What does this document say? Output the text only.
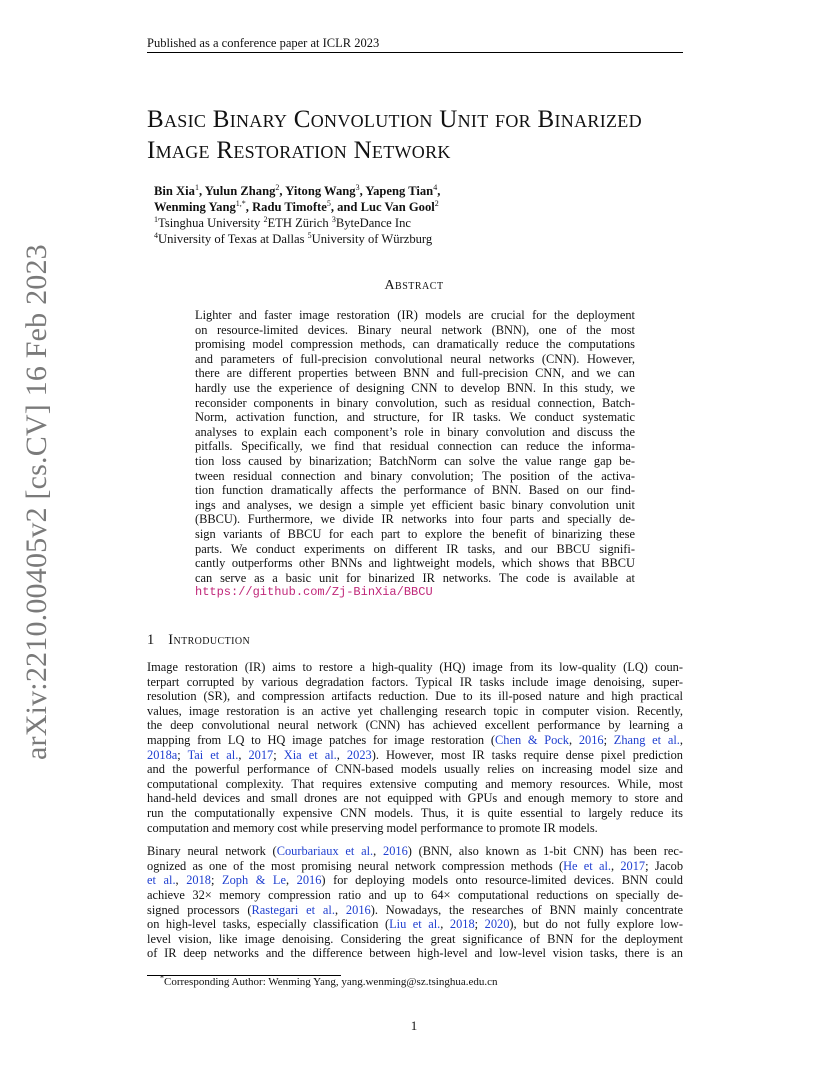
Published as a conference paper at ICLR 2023
arXiv:2210.00405v2 [cs.CV] 16 Feb 2023
Basic Binary Convolution Unit for Binarized
Image Restoration Network
Bin Xia$^1$, Yulun Zhang$^2$, Yitong Wang$^3$, Yapeng Tian$^4$,
Wenming Yang$^{1,*}$, Radu Timofte$^5$, and Luc Van Gool$^2$
$^1$Tsinghua University $^2$ETH Zürich $^3$ByteDance Inc
$^4$University of Texas at Dallas $^5$University of Würzburg
Abstract
Lighter and faster image restoration (IR) models are crucial for the deployment
on resource-limited devices. Binary neural network (BNN), one of the most
promising model compression methods, can dramatically reduce the computations
and parameters of full-precision convolutional neural networks (CNN). However,
there are different properties between BNN and full-precision CNN, and we can
hardly use the experience of designing CNN to develop BNN. In this study, we
reconsider components in binary convolution, such as residual connection, Batch-
Norm, activation function, and structure, for IR tasks. We conduct systematic
analyses to explain each component’s role in binary convolution and discuss the
pitfalls. Specifically, we find that residual connection can reduce the informa-
tion loss caused by binarization; BatchNorm can solve the value range gap be-
tween residual connection and binary convolution; The position of the activa-
tion function dramatically affects the performance of BNN. Based on our find-
ings and analyses, we design a simple yet efficient basic binary convolution unit
(BBCU). Furthermore, we divide IR networks into four parts and specially de-
sign variants of BBCU for each part to explore the benefit of binarizing these
parts. We conduct experiments on different IR tasks, and our BBCU signifi-
cantly outperforms other BNNs and lightweight models, which shows that BBCU
can serve as a basic unit for binarized IR networks. The code is available at
https://github.com/Zj-BinXia/BBCU
1 Introduction
Image restoration (IR) aims to restore a high-quality (HQ) image from its low-quality (LQ) coun-
terpart corrupted by various degradation factors. Typical IR tasks include image denoising, super-
resolution (SR), and compression artifacts reduction. Due to its ill-posed nature and high practical
values, image restoration is an active yet challenging research topic in computer vision. Recently,
the deep convolutional neural network (CNN) has achieved excellent performance by learning a
mapping from LQ to HQ image patches for image restoration (Chen & Pock, 2016; Zhang et al.,
2018a; Tai et al., 2017; Xia et al., 2023). However, most IR tasks require dense pixel prediction
and the powerful performance of CNN-based models usually relies on increasing model size and
computational complexity. That requires extensive computing and memory resources. While, most
hand-held devices and small drones are not equipped with GPUs and enough memory to store and
run the computationally expensive CNN models. Thus, it is quite essential to largely reduce its
computation and memory cost while preserving model performance to promote IR models.
Binary neural network (Courbariaux et al., 2016) (BNN, also known as 1-bit CNN) has been rec-
ognized as one of the most promising neural network compression methods (He et al., 2017; Jacob
et al., 2018; Zoph & Le, 2016) for deploying models onto resource-limited devices. BNN could
achieve 32× memory compression ratio and up to 64× computational reductions on specially de-
signed processors (Rastegari et al., 2016). Nowadays, the researches of BNN mainly concentrate
on high-level tasks, especially classification (Liu et al., 2018; 2020), but do not fully explore low-
level vision, like image denoising. Considering the great significance of BNN for the deployment
of IR deep networks and the difference between high-level and low-level vision tasks, there is an
*Corresponding Author: Wenming Yang, yang.wenming@sz.tsinghua.edu.cn
1
